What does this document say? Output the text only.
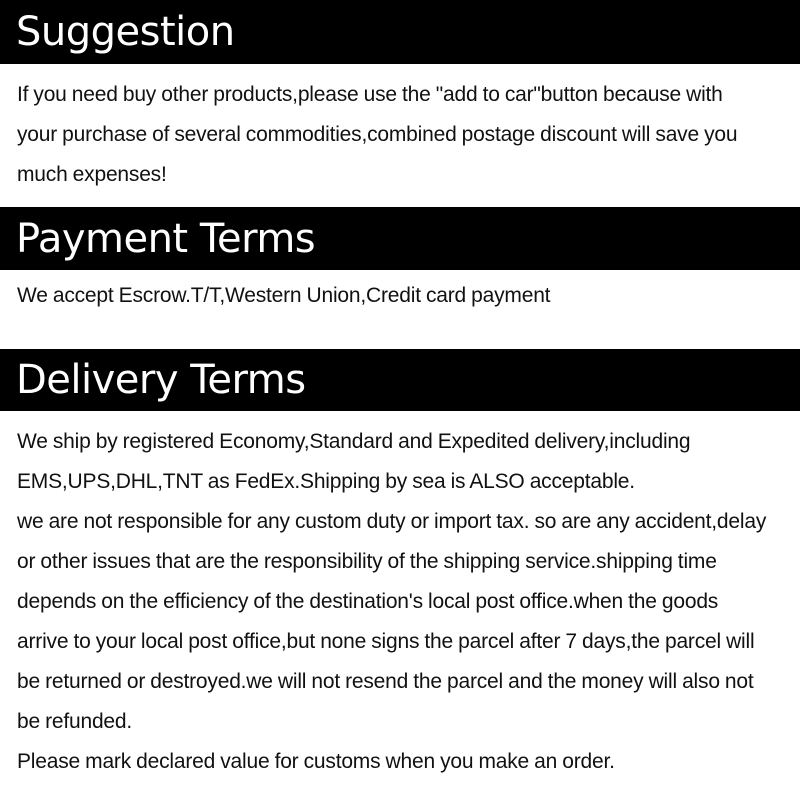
Suggestion
If you need buy other products,please use the "add to car"button because with
your purchase of several commodities,combined postage discount will save you
much expenses!
Payment Terms
We accept Escrow.T/T,Western Union,Credit card payment
Delivery Terms
We ship by registered Economy,Standard and Expedited delivery,including
EMS,UPS,DHL,TNT as FedEx.Shipping by sea is ALSO acceptable.
we are not responsible for any custom duty or import tax. so are any accident,delay
or other issues that are the responsibility of the shipping service.shipping time
depends on the efficiency of the destination's local post office.when the goods
arrive to your local post office,but none signs the parcel after 7 days,the parcel will
be returned or destroyed.we will not resend the parcel and the money will also not
be refunded.
Please mark declared value for customs when you make an order.
